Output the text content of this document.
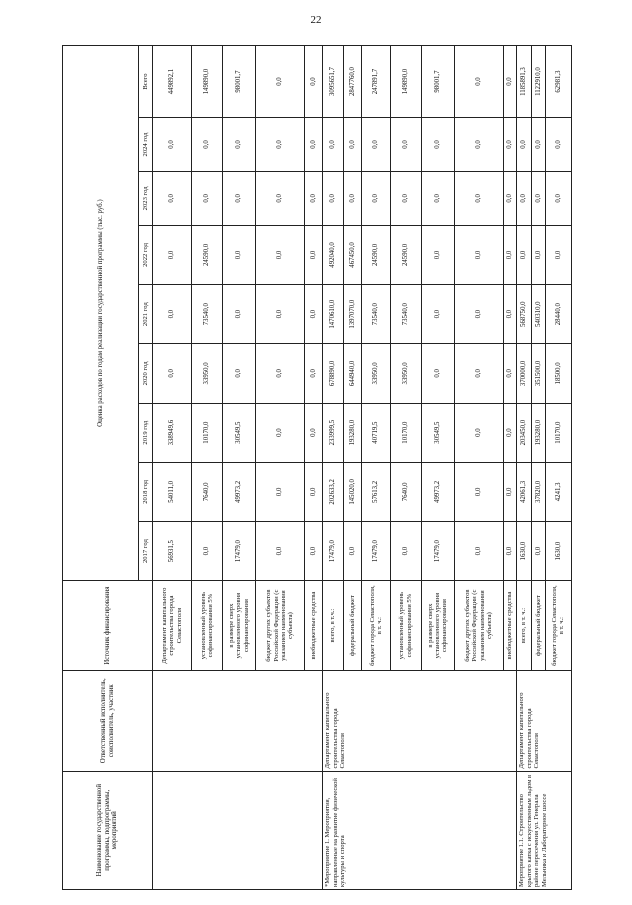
22
Наименование государственной программы, подпрограммы, мероприятий	Ответственный исполнитель, соисполнитель, участник	Источник финансирования	Оценка расходов по годам реализации государственной программы (тыс. руб.)								
			2017 год	2018 год	2019 год	2020 год	2021 год	2022 год	2023 год	2024 год	Всего
		Департамент капитального строительства города Севастополя	56931,5	54011,0	338949,6	0,0	0,0	0,0	0,0	0,0	449892,1
		установленный уровень софинансирования 5%	0,0	7640,0	10170,0	33950,0	73540,0	24590,0	0,0	0,0	149890,0
		в размере сверх установленного уровня софинансирования	17479,0	49973,2	30549,5	0,0	0,0	0,0	0,0	0,0	98001,7
		бюджет других субъектов Российской Федерации (с указанием наименования субъекта)	0,0	0,0	0,0	0,0	0,0	0,0	0,0	0,0	0,0
		внебюджетные средства	0,0	0,0	0,0	0,0	0,0	0,0	0,0	0,0	0,0
*Мероприятие 1. Мероприятия, направленные на развитие физической культуры и спорта	Департамент капитального строительства города Севастополя	всего, в т.ч.:	17479,0	202633,2	233999,5	678890,0	1470610,0	492040,0	0,0	0,0	3095651,7
		федеральный бюджет	0,0	145020,0	193280,0	644940,0	1397070,0	467450,0	0,0	0,0	2847760,0
		бюджет города Севастополя, в т. ч.:	17479,0	57613,2	40719,5	33950,0	73540,0	24590,0	0,0	0,0	247891,7
		установленный уровень софинансирования 5%	0,0	7640,0	10170,0	33950,0	73540,0	24590,0	0,0	0,0	149890,0
		в размере сверх установленного уровня софинансирования	17479,0	49973,2	30549,5	0,0	0,0	0,0	0,0	0,0	98001,7
		бюджет других субъектов Российской Федерации (с указанием наименования субъекта)	0,0	0,0	0,0	0,0	0,0	0,0	0,0	0,0	0,0
		внебюджетные средства	0,0	0,0	0,0	0,0	0,0	0,0	0,0	0,0	0,0
Мероприятие 1.1. Строительство крытого катка с искусственным льдом в районе пересечения ул. Генерала Мельника и Лабораторное шоссе	Департамент капитального строительства города Севастополя	всего, в т. ч.:	1630,0	42061,3	203450,0	370000,0	568750,0	0,0	0,0	0,0	1185891,3
		федеральный бюджет	0,0	37820,0	193280,0	351500,0	540310,0	0,0	0,0	0,0	1122910,0
		бюджет города Севастополя, в т. ч.:	1630,0	4241,3	10170,0	18500,0	28440,0	0,0	0,0	0,0	62981,3
